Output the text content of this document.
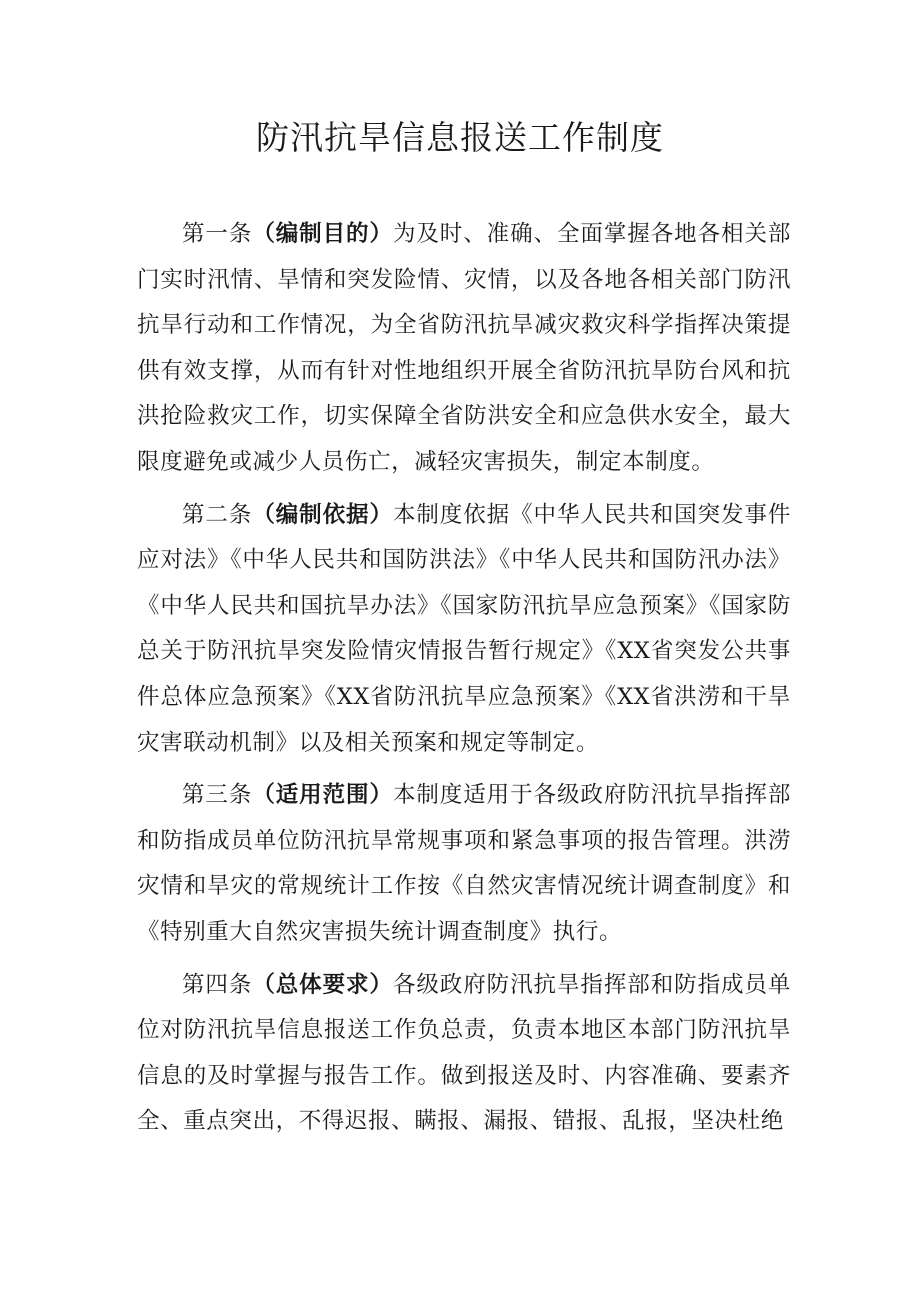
防汛抗旱信息报送工作制度

第一条（编制目的）为及时、准确、全面掌握各地各相关部门实时汛情、旱情和突发险情、灾情，以及各地各相关部门防汛抗旱行动和工作情况，为全省防汛抗旱减灾救灾科学指挥决策提供有效支撑，从而有针对性地组织开展全省防汛抗旱防台风和抗洪抢险救灾工作，切实保障全省防洪安全和应急供水安全，最大限度避免或减少人员伤亡，减轻灾害损失，制定本制度。

第二条（编制依据）本制度依据《中华人民共和国突发事件应对法》《中华人民共和国防洪法》《中华人民共和国防汛办法》《中华人民共和国抗旱办法》《国家防汛抗旱应急预案》《国家防总关于防汛抗旱突发险情灾情报告暂行规定》《XX省突发公共事件总体应急预案》《XX省防汛抗旱应急预案》《XX省洪涝和干旱灾害联动机制》以及相关预案和规定等制定。

第三条（适用范围）本制度适用于各级政府防汛抗旱指挥部和防指成员单位防汛抗旱常规事项和紧急事项的报告管理。洪涝灾情和旱灾的常规统计工作按《自然灾害情况统计调查制度》和《特别重大自然灾害损失统计调查制度》执行。

第四条（总体要求）各级政府防汛抗旱指挥部和防指成员单位对防汛抗旱信息报送工作负总责，负责本地区本部门防汛抗旱信息的及时掌握与报告工作。做到报送及时、内容准确、要素齐全、重点突出，不得迟报、瞒报、漏报、错报、乱报，坚决杜绝
